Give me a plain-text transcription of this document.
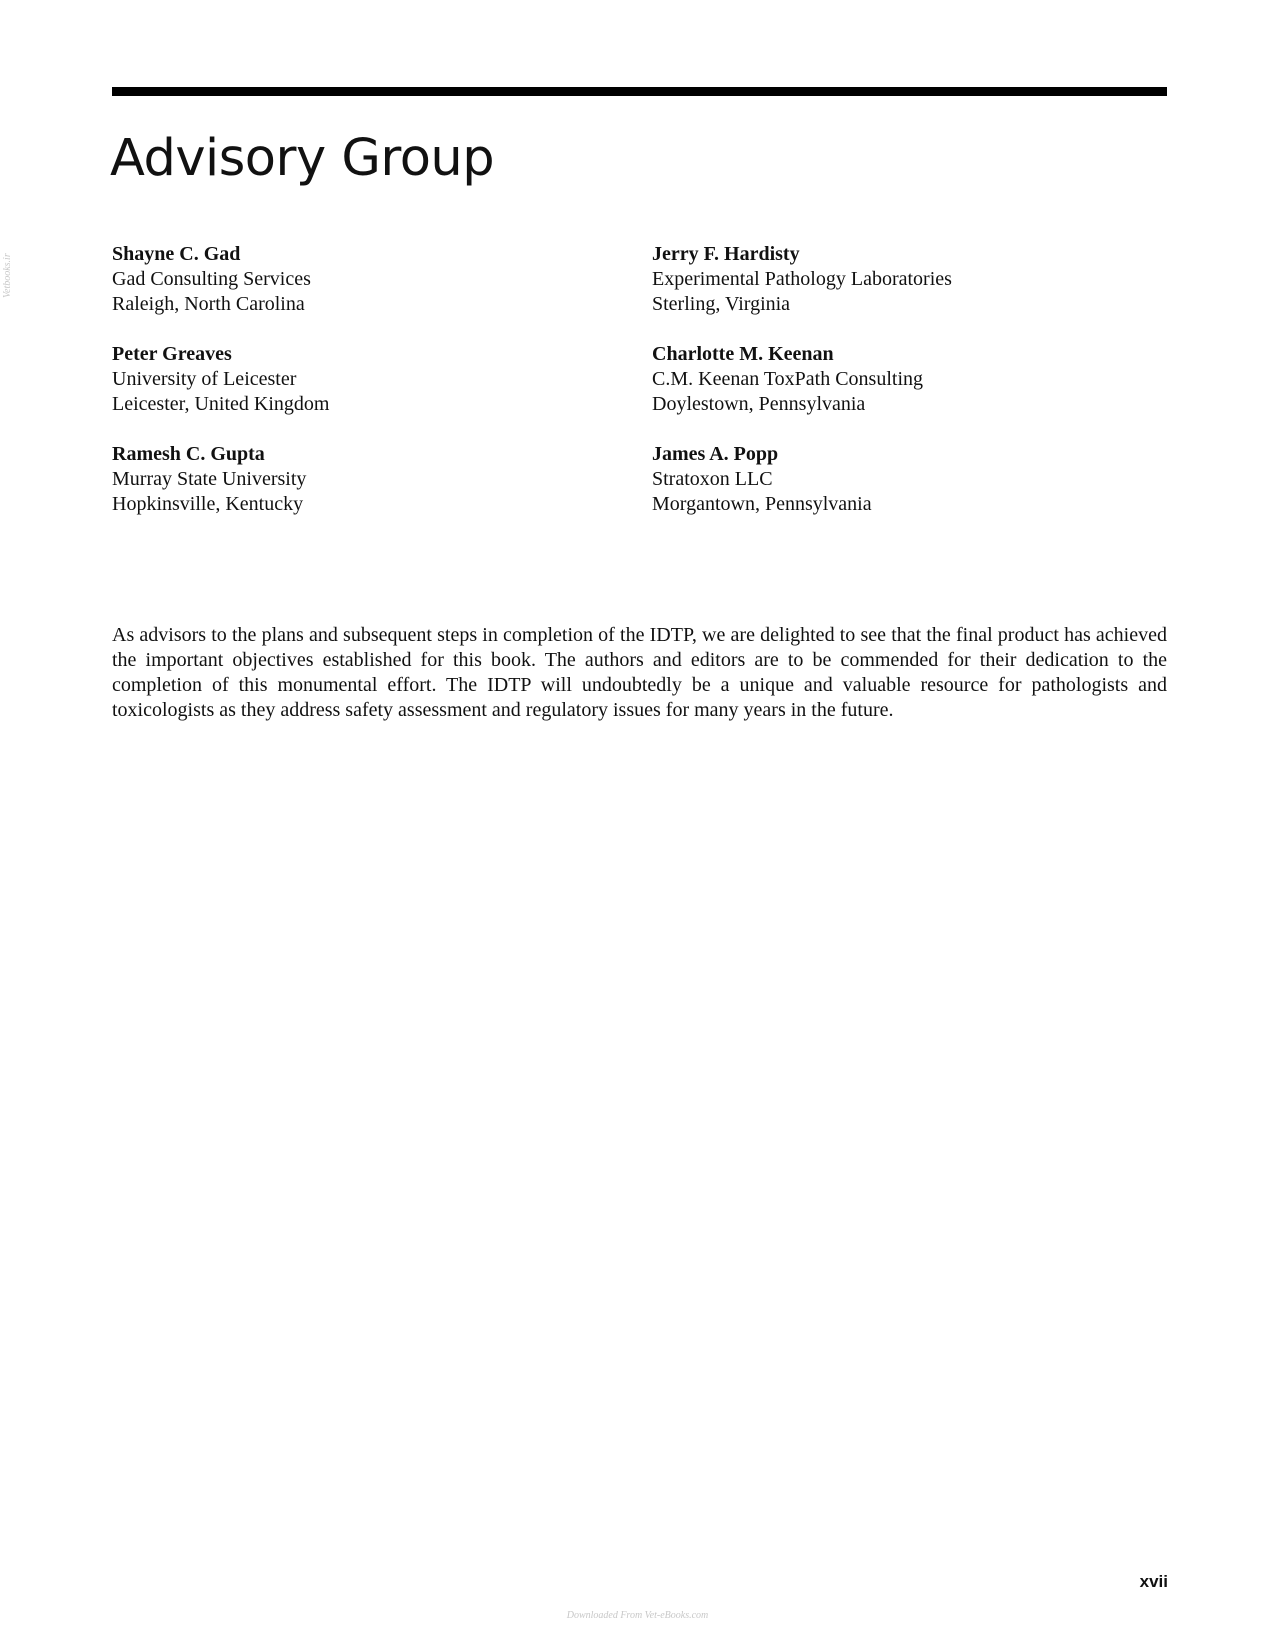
Advisory Group
Vetbooks.ir	Shayne C. Gad
Gad Consulting Services
Raleigh, North Carolina
Jerry F. Hardisty
Experimental Pathology Laboratories
Sterling, Virginia
Peter Greaves
University of Leicester
Leicester, United Kingdom
Charlotte M. Keenan
C.M. Keenan ToxPath Consulting
Doylestown, Pennsylvania
Ramesh C. Gupta
Murray State University
Hopkinsville, Kentucky
James A. Popp
Stratoxon LLC
Morgantown, Pennsylvania

As advisors to the plans and subsequent steps in completion of the IDTP, we are delighted to see that the final product has achieved the important objectives established for this book. The authors and editors are to be commended for their dedication to the completion of this monumental effort. The IDTP will undoubtedly be a unique and valuable resource for pathologists and toxicologists as they address safety assessment and regulatory issues for many years in the future.

xvii
Downloaded From Vet-eBooks.com
